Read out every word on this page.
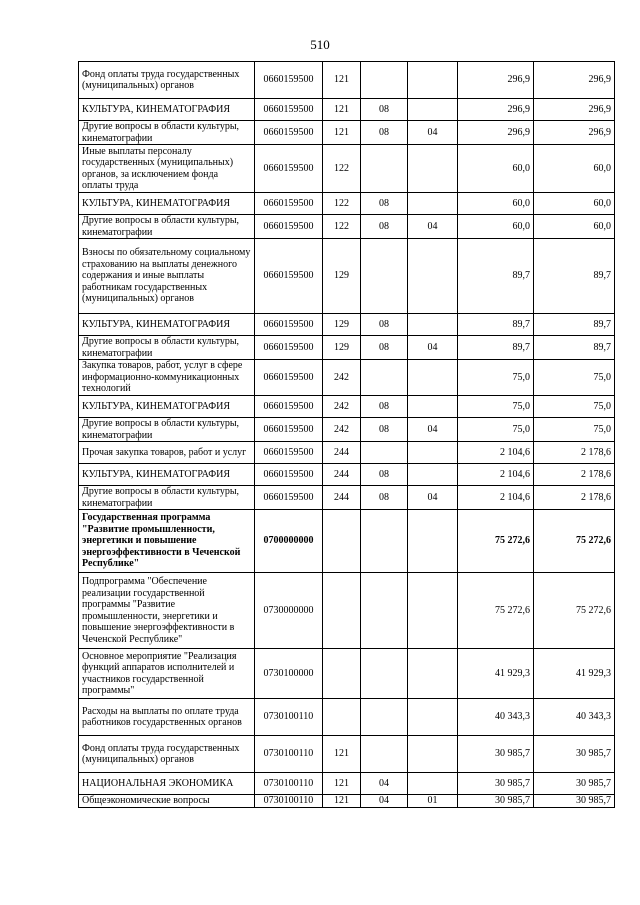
510
Фонд оплаты труда государственных (муниципальных) органов	0660159500	121			296,9	296,9
КУЛЬТУРА, КИНЕМАТОГРАФИЯ	0660159500	121	08		296,9	296,9
Другие вопросы в области культуры, кинематографии	0660159500	121	08	04	296,9	296,9
Иные выплаты персоналу государственных (муниципальных) органов, за исключением фонда оплаты труда	0660159500	122			60,0	60,0
КУЛЬТУРА, КИНЕМАТОГРАФИЯ	0660159500	122	08		60,0	60,0
Другие вопросы в области культуры, кинематографии	0660159500	122	08	04	60,0	60,0
Взносы по обязательному социальному страхованию на выплаты денежного содержания и иные выплаты работникам государственных (муниципальных) органов	0660159500	129			89,7	89,7
КУЛЬТУРА, КИНЕМАТОГРАФИЯ	0660159500	129	08		89,7	89,7
Другие вопросы в области культуры, кинематографии	0660159500	129	08	04	89,7	89,7
Закупка товаров, работ, услуг в сфере информационно-коммуникационных технологий	0660159500	242			75,0	75,0
КУЛЬТУРА, КИНЕМАТОГРАФИЯ	0660159500	242	08		75,0	75,0
Другие вопросы в области культуры, кинематографии	0660159500	242	08	04	75,0	75,0
Прочая закупка товаров, работ и услуг	0660159500	244			2 104,6	2 178,6
КУЛЬТУРА, КИНЕМАТОГРАФИЯ	0660159500	244	08		2 104,6	2 178,6
Другие вопросы в области культуры, кинематографии	0660159500	244	08	04	2 104,6	2 178,6
Государственная программа "Развитие промышленности, энергетики и повышение энергоэффективности в Чеченской Республике"	0700000000				75 272,6	75 272,6
Подпрограмма "Обеспечение реализации государственной программы "Развитие промышленности, энергетики и повышение энергоэффективности в Чеченской Республике"	0730000000				75 272,6	75 272,6
Основное мероприятие "Реализация функций аппаратов исполнителей и участников государственной программы"	0730100000				41 929,3	41 929,3
Расходы на выплаты по оплате труда работников государственных органов	0730100110				40 343,3	40 343,3
Фонд оплаты труда государственных (муниципальных) органов	0730100110	121			30 985,7	30 985,7
НАЦИОНАЛЬНАЯ ЭКОНОМИКА	0730100110	121	04		30 985,7	30 985,7
Общеэкономические вопросы	0730100110	121	04	01	30 985,7	30 985,7
